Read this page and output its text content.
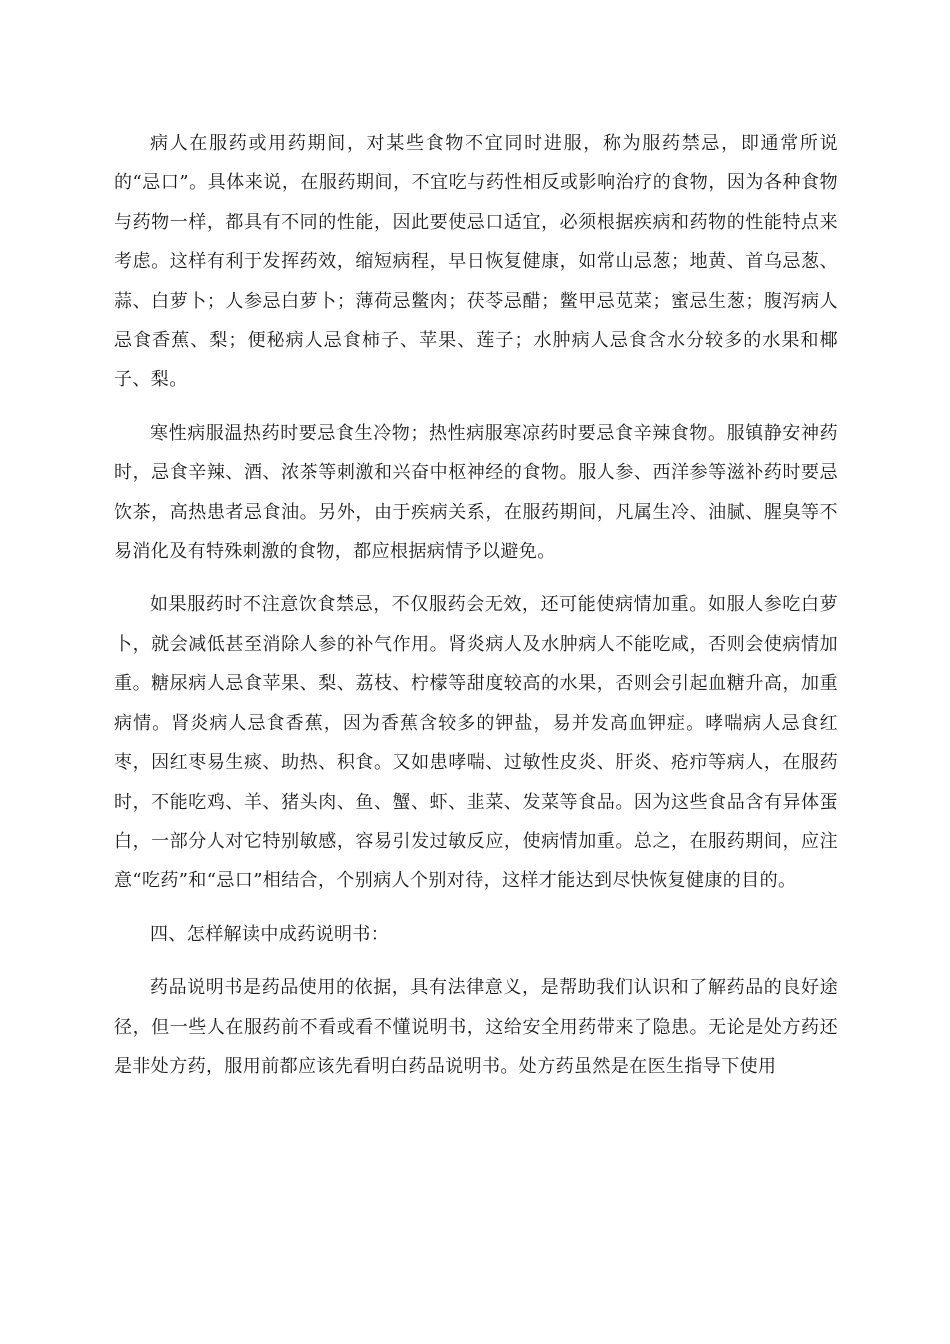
病人在服药或用药期间，对某些食物不宜同时进服，称为服药禁忌，即通常所说的“忌口”。具体来说，在服药期间，不宜吃与药性相反或影响治疗的食物，因为各种食物与药物一样，都具有不同的性能，因此要使忌口适宜，必须根据疾病和药物的性能特点来考虑。这样有利于发挥药效，缩短病程，早日恢复健康，如常山忌葱；地黄、首乌忌葱、蒜、白萝卜；人参忌白萝卜；薄荷忌鳖肉；茯苓忌醋；鳖甲忌苋菜；蜜忌生葱；腹泻病人忌食香蕉、梨；便秘病人忌食柿子、苹果、莲子；水肿病人忌食含水分较多的水果和椰子、梨。

寒性病服温热药时要忌食生冷物；热性病服寒凉药时要忌食辛辣食物。服镇静安神药时，忌食辛辣、酒、浓茶等刺激和兴奋中枢神经的食物。服人参、西洋参等滋补药时要忌饮茶，高热患者忌食油。另外，由于疾病关系，在服药期间，凡属生冷、油腻、腥臭等不易消化及有特殊刺激的食物，都应根据病情予以避免。

如果服药时不注意饮食禁忌，不仅服药会无效，还可能使病情加重。如服人参吃白萝卜，就会减低甚至消除人参的补气作用。肾炎病人及水肿病人不能吃咸，否则会使病情加重。糖尿病人忌食苹果、梨、荔枝、柠檬等甜度较高的水果，否则会引起血糖升高，加重病情。肾炎病人忌食香蕉，因为香蕉含较多的钾盐，易并发高血钾症。哮喘病人忌食红枣，因红枣易生痰、助热、积食。又如患哮喘、过敏性皮炎、肝炎、疮疖等病人，在服药时，不能吃鸡、羊、猪头肉、鱼、蟹、虾、韭菜、发菜等食品。因为这些食品含有异体蛋白，一部分人对它特别敏感，容易引发过敏反应，使病情加重。总之，在服药期间，应注意“吃药”和“忌口”相结合，个别病人个别对待，这样才能达到尽快恢复健康的目的。

四、怎样解读中成药说明书：

药品说明书是药品使用的依据，具有法律意义，是帮助我们认识和了解药品的良好途径，但一些人在服药前不看或看不懂说明书，这给安全用药带来了隐患。无论是处方药还是非处方药，服用前都应该先看明白药品说明书。处方药虽然是在医生指导下使用
